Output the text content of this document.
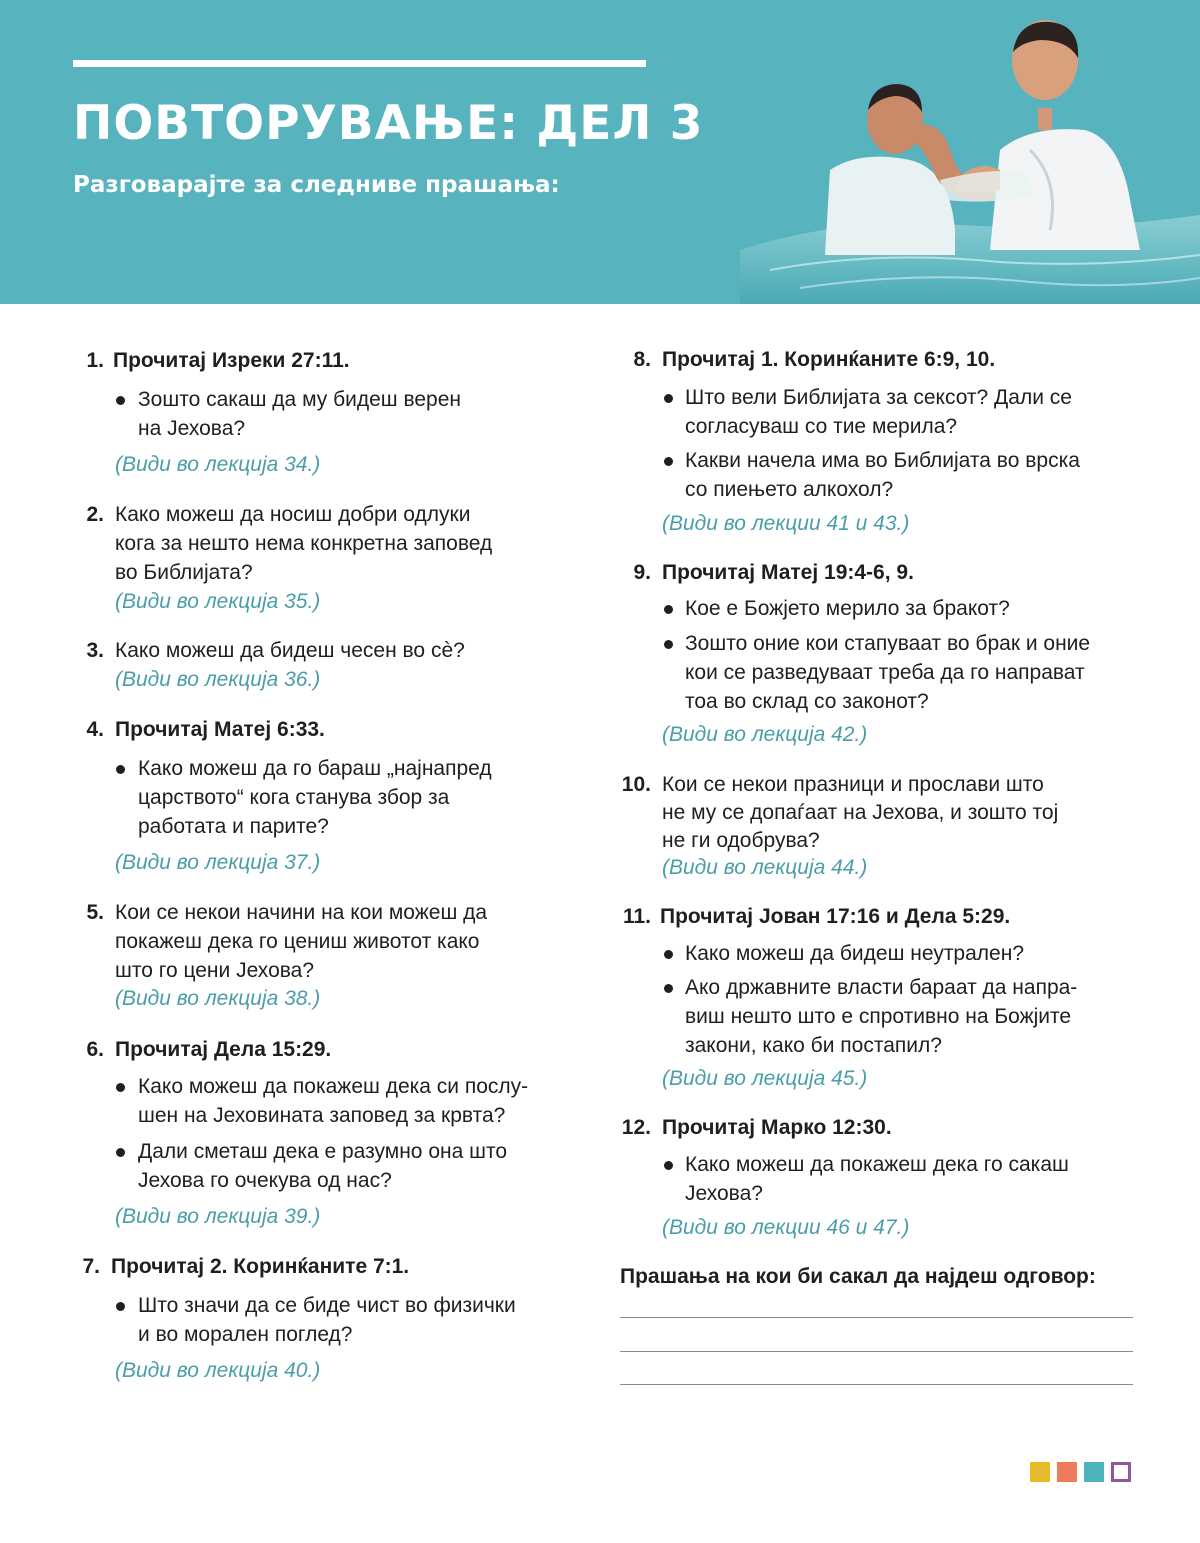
ПОВТОРУВАЊЕ: ДЕЛ 3
Разговарајте за следниве прашања:
1. Прочитај Изреки 27:11.
Зошто сакаш да му бидеш верен
на Јехова?
(Види во лекција 34.)
2. Како можеш да носиш добри одлуки
кога за нешто нема конкретна заповед
во Библијата?
(Види во лекција 35.)
3. Како можеш да бидеш чесен во сè?
(Види во лекција 36.)
4. Прочитај Матеј 6:33.
Како можеш да го бараш „најнапред
царството“ кога станува збор за
работата и парите?
(Види во лекција 37.)
5. Кои се некои начини на кои можеш да
покажеш дека го цениш животот како
што го цени Јехова?
(Види во лекција 38.)
6. Прочитај Дела 15:29.
Како можеш да покажеш дека си послу-
шен на Јеховината заповед за крвта?
Дали сметаш дека е разумно она што
Јехова го очекува од нас?
(Види во лекција 39.)
7. Прочитај 2. Коринќаните 7:1.
Што значи да се биде чист во физички
и во морален поглед?
(Види во лекција 40.)
8. Прочитај 1. Коринќаните 6:9, 10.
Што вели Библијата за сексот? Дали се
согласуваш со тие мерила?
Какви начела има во Библијата во врска
со пиењето алкохол?
(Види во лекции 41 и 43.)
9. Прочитај Матеј 19:4-6, 9.
Кое е Божјето мерило за бракот?
Зошто оние кои стапуваат во брак и оние
кои се разведуваат треба да го направат
тоа во склад со законот?
(Види во лекција 42.)
10. Кои се некои празници и прослави што
не му се допаѓаат на Јехова, и зошто тој
не ги одобрува?
(Види во лекција 44.)
11. Прочитај Јован 17:16 и Дела 5:29.
Како можеш да бидеш неутрален?
Ако државните власти бараат да напра-
виш нешто што е спротивно на Божјите
закони, како би постапил?
(Види во лекција 45.)
12. Прочитај Марко 12:30.
Како можеш да покажеш дека го сакаш
Јехова?
(Види во лекции 46 и 47.)
Прашања на кои би сакал да најдеш одговор:
